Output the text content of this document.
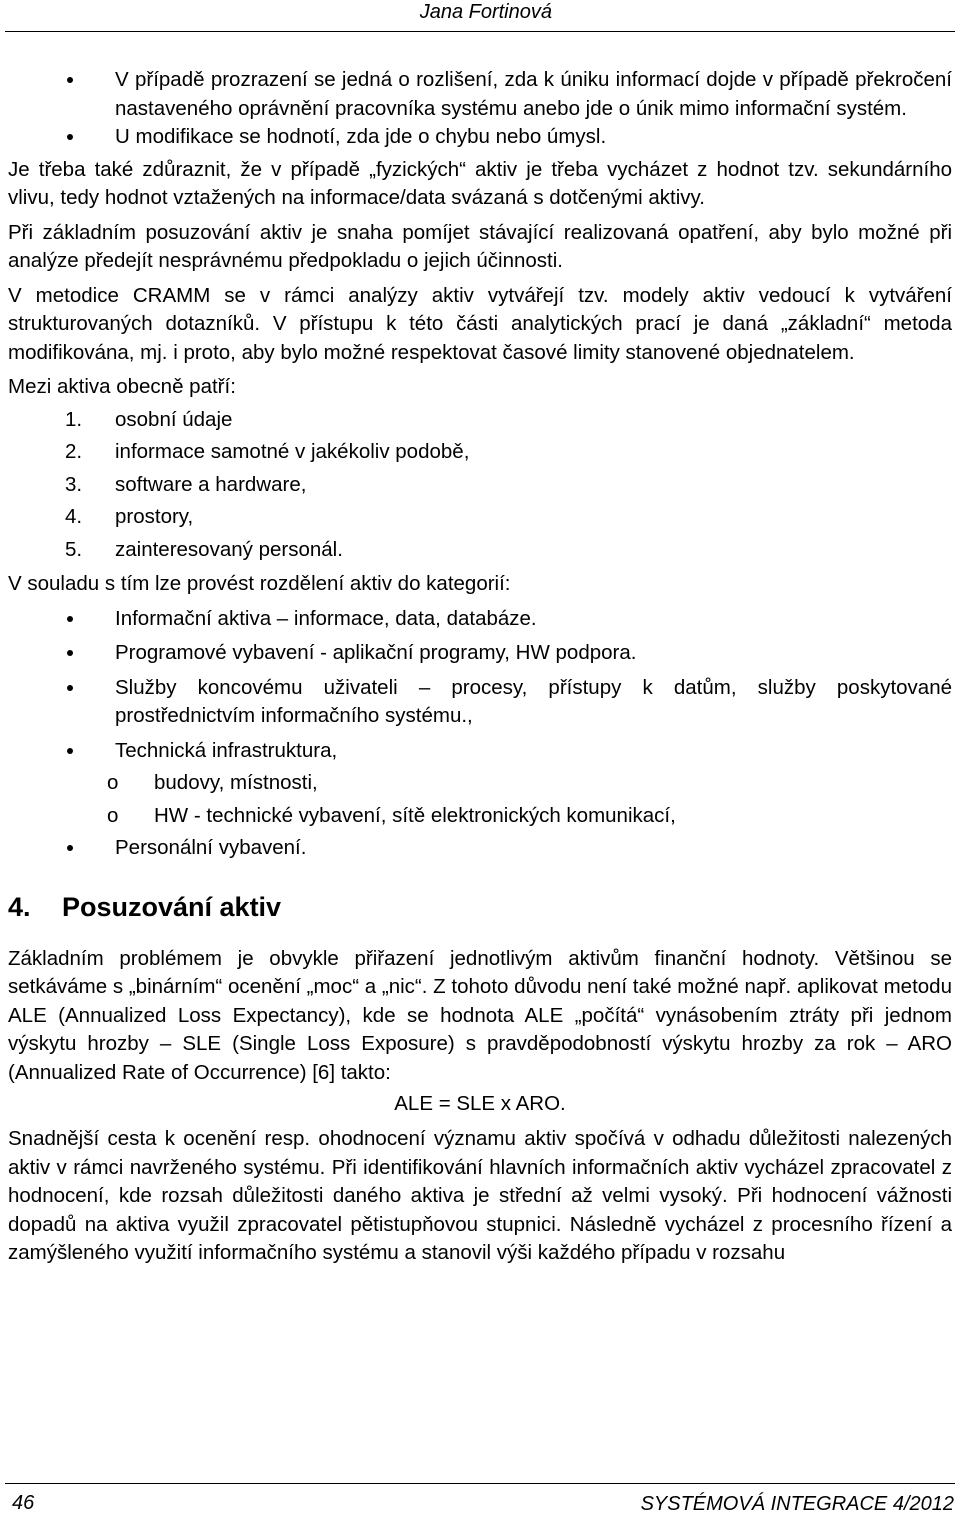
Jana Fortinová
V případě prozrazení se jedná o rozlišení, zda k úniku informací dojde v případě překročení nastaveného oprávnění pracovníka systému anebo jde o únik mimo informační systém.
U modifikace se hodnotí, zda jde o chybu nebo úmysl.

Je třeba také zdůraznit, že v případě „fyzických“ aktiv je třeba vycházet z hodnot tzv. sekundárního vlivu, tedy hodnot vztažených na informace/data svázaná s dotčenými aktivy.

Při základním posuzování aktiv je snaha pomíjet stávající realizovaná opatření, aby bylo možné při analýze předejít nesprávnému předpokladu o jejich účinnosti.

V metodice CRAMM se v rámci analýzy aktiv vytvářejí tzv. modely aktiv vedoucí k vytváření strukturovaných dotazníků. V přístupu k této části analytických prací je daná „základní“ metoda modifikována, mj. i proto, aby bylo možné respektovat časové limity stanovené objednatelem.

Mezi aktiva obecně patří:

1. osobní údaje
2. informace samotné v jakékoliv podobě,
3. software a hardware,
4. prostory,
5. zainteresovaný personál.

V souladu s tím lze provést rozdělení aktiv do kategorií:

Informační aktiva – informace, data, databáze.
Programové vybavení - aplikační programy, HW podpora.
Služby koncovému uživateli – procesy, přístupy k datům, služby poskytované prostřednictvím informačního systému.,
Technická infrastruktura,
o budovy, místnosti,
o HW - technické vybavení, sítě elektronických komunikací,
Personální vybavení.
4. Posuzování aktiv

Základním problémem je obvykle přiřazení jednotlivým aktivům finanční hodnoty. Většinou se setkáváme s „binárním“ ocenění „moc“ a „nic“. Z tohoto důvodu není také možné např. aplikovat metodu ALE (Annualized Loss Expectancy), kde se hodnota ALE „počítá“ vynásobením ztráty při jednom výskytu hrozby – SLE (Single Loss Exposure) s pravděpodobností výskytu hrozby za rok – ARO (Annualized Rate of Occurrence) [6] takto:

ALE = SLE x ARO.

Snadnější cesta k ocenění resp. ohodnocení významu aktiv spočívá v odhadu důležitosti nalezených aktiv v rámci navrženého systému. Při identifikování hlavních informačních aktiv vycházel zpracovatel z hodnocení, kde rozsah důležitosti daného aktiva je střední až velmi vysoký. Při hodnocení vážnosti dopadů na aktiva využil zpracovatel pětistupňovou stupnici. Následně vycházel z procesního řízení a zamýšleného využití informačního systému a stanovil výši každého případu v rozsahu

46	SYSTÉMOVÁ INTEGRACE 4/2012
